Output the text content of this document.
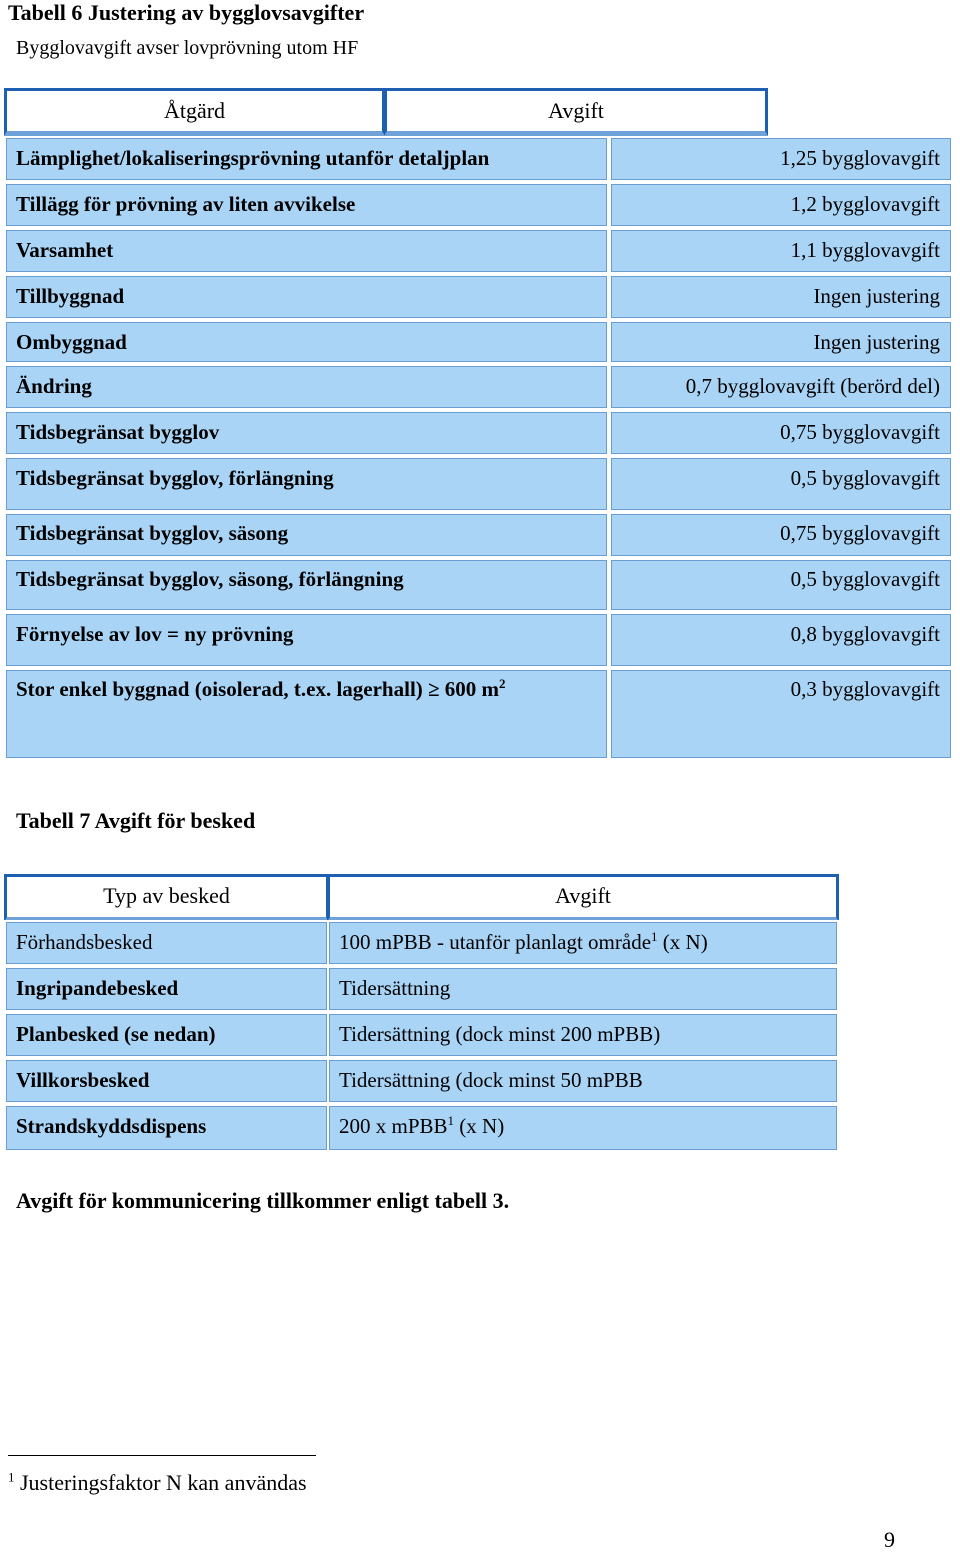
Tabell 6 Justering av bygglovsavgifter
Bygglovavgift avser lovprövning utom HF
Åtgärd	Avgift
Lämplighet/lokaliseringsprövning utanför detaljplan	1,25 bygglovavgift
Tillägg för prövning av liten avvikelse	1,2 bygglovavgift
Varsamhet	1,1 bygglovavgift
Tillbyggnad	Ingen justering
Ombyggnad	Ingen justering
Ändring	0,7 bygglovavgift (berörd del)
Tidsbegränsat bygglov	0,75 bygglovavgift
Tidsbegränsat bygglov, förlängning	0,5 bygglovavgift
Tidsbegränsat bygglov, säsong	0,75 bygglovavgift
Tidsbegränsat bygglov, säsong, förlängning	0,5 bygglovavgift
Förnyelse av lov = ny prövning	0,8 bygglovavgift
Stor enkel byggnad (oisolerad, t.ex. lagerhall) ≥ 600 $m^2$	0,3 bygglovavgift
Tabell 7 Avgift för besked
Typ av besked	Avgift
Förhandsbesked	100 mPBB - utanför planlagt område$^1$ (x N)
Ingripandebesked	Tidersättning
Planbesked (se nedan)	Tidersättning (dock minst 200 mPBB)
Villkorsbesked	Tidersättning (dock minst 50 mPBB
Strandskyddsdispens	200 x mPBB$^1$ (x N)
Avgift för kommunicering tillkommer enligt tabell 3.
$^1$ Justeringsfaktor N kan användas
9
